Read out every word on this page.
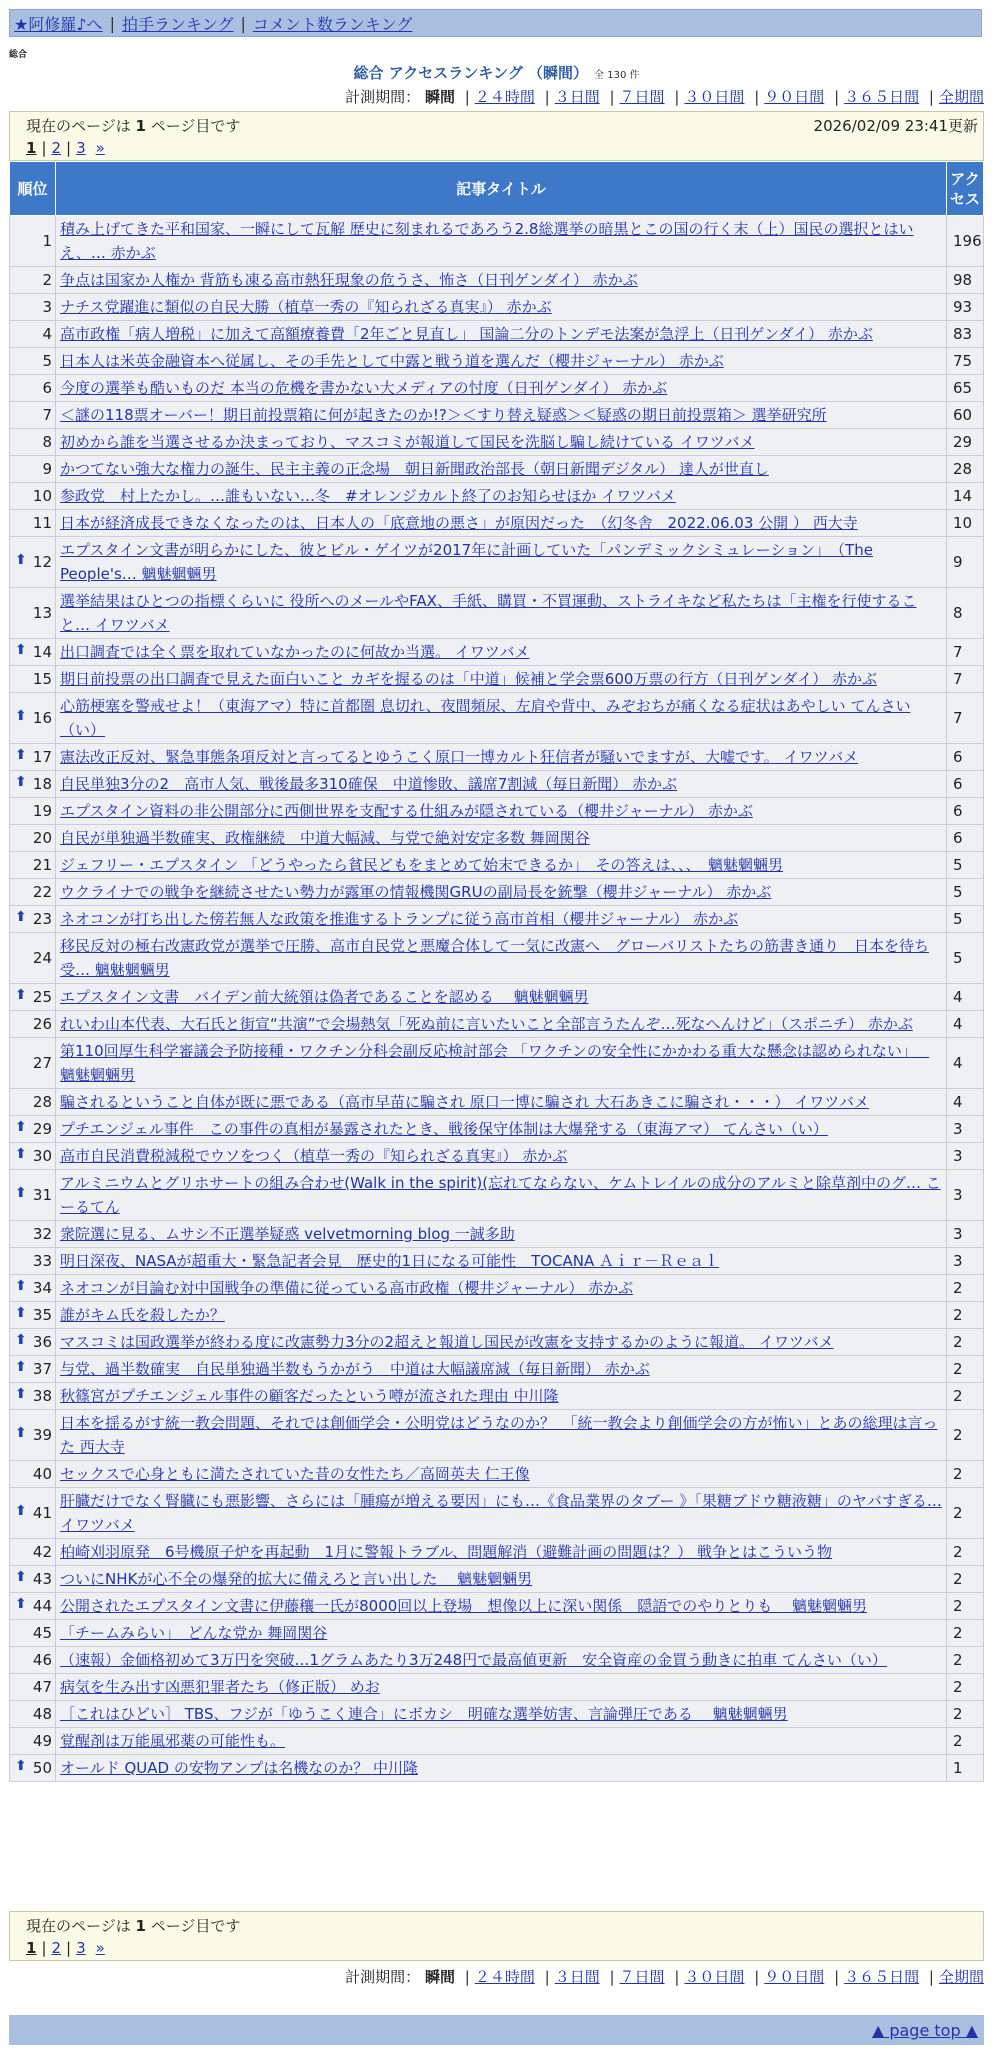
★阿修羅♪へ | 拍手ランキング | コメント数ランキング
総合
総合 アクセスランキング （瞬間） 全 130 件
計測期間： 瞬間 | ２４時間 | ３日間 | ７日間 | ３０日間 | ９０日間 | ３６５日間 | 全期間
現在のページは 1 ページ目です	2026/02/09 23:41更新
1 | 2 | 3 »
順位	記事タイトル	アクセス
1	積み上げてきた平和国家、一瞬にして瓦解 歴史に刻まれるであろう2.8総選挙の暗黒とこの国の行く末（上）国民の選択とはいえ、… 赤かぶ	196
2	争点は国家か人権か 背筋も凍る高市熱狂現象の危うさ、怖さ（日刊ゲンダイ） 赤かぶ	98
3	ナチス党躍進に類似の自民大勝（植草一秀の『知られざる真実』） 赤かぶ	93
4	高市政権「病人増税」に加えて高額療養費「2年ごと見直し」 国論二分のトンデモ法案が急浮上（日刊ゲンダイ） 赤かぶ	83
5	日本人は米英金融資本へ従属し、その手先として中露と戦う道を選んだ（櫻井ジャーナル） 赤かぶ	75
6	今度の選挙も酷いものだ 本当の危機を書かない大メディアの忖度（日刊ゲンダイ） 赤かぶ	65
7	＜謎の118票オーバー！期日前投票箱に何が起きたのか!?＞＜すり替え疑惑＞＜疑惑の期日前投票箱＞ 選挙研究所	60
8	初めから誰を当選させるか決まっており、マスコミが報道して国民を洗脳し騙し続けている イワツバメ	29
9	かつてない強大な権力の誕生、民主主義の正念場　朝日新聞政治部長（朝日新聞デジタル） 達人が世直し	28
10	参政党　村上たかし。…誰もいない…冬　#オレンジカルト終了のお知らせほか イワツバメ	14
11	日本が経済成長できなくなったのは、日本人の「底意地の悪さ」が原因だった　（幻冬舎　2022.06.03 公開 ） 西大寺	10

⬆ 12	エプスタイン文書が明らかにした、彼とビル・ゲイツが2017年に計画していた「パンデミックシミュレーション」　（The People's… 魑魅魍魎男	9
13	選挙結果はひとつの指標くらいに 役所へのメールやFAX、手紙、購買・不買運動、ストライキなど私たちは「主権を行使すること… イワツバメ	8

⬆ 14	出口調査では全く票を取れていなかったのに何故か当選。 イワツバメ	7
15	期日前投票の出口調査で見えた面白いこと カギを握るのは「中道」候補と学会票600万票の行方（日刊ゲンダイ） 赤かぶ	7

⬆ 16	心筋梗塞を警戒せよ！（東海アマ）特に首都圏 息切れ、夜間頻尿、左肩や背中、みぞおちが痛くなる症状はあやしい てんさい（い）	7

⬆ 17	憲法改正反対、緊急事態条項反対と言ってるとゆうこく原口一博カルト狂信者が騒いでますが、大嘘です。 イワツバメ	6

⬆ 18	自民単独3分の2　高市人気、戦後最多310確保　中道惨敗、議席7割減（毎日新聞） 赤かぶ	6
19	エプスタイン資料の非公開部分に西側世界を支配する仕組みが隠されている（櫻井ジャーナル） 赤かぶ	6
20	自民が単独過半数確実、政権継続　中道大幅減、与党で絶対安定多数 舞岡関谷	6
21	ジェフリー・エプスタイン 「どうやったら貧民どもをまとめて始末できるか」　その答えは、、、　魑魅魍魎男	5
22	ウクライナでの戦争を継続させたい勢力が露軍の情報機関GRUの副局長を銃撃（櫻井ジャーナル） 赤かぶ	5

⬆ 23	ネオコンが打ち出した傍若無人な政策を推進するトランプに従う高市首相（櫻井ジャーナル） 赤かぶ	5
24	移民反対の極右改憲政党が選挙で圧勝、高市自民党と悪魔合体して一気に改憲へ　グローバリストたちの筋書き通り　日本を待ち受… 魑魅魍魎男	5

⬆ 25	エプスタイン文書　バイデン前大統領は偽者であることを認める　 魑魅魍魎男	4
26	れいわ山本代表、大石氏と街宣“共演”で会場熱気「死ぬ前に言いたいこと全部言うたんぞ…死なへんけど」（スポニチ） 赤かぶ	4
27	第110回厚生科学審議会予防接種・ワクチン分科会副反応検討部会 「ワクチンの安全性にかかわる重大な懸念は認められない」　 魑魅魍魎男	4
28	騙されるということ自体が既に悪である（高市早苗に騙され 原口一博に騙され 大石あきこに騙され・・・） イワツバメ	4

⬆ 29	プチエンジェル事件　この事件の真相が暴露されたとき、戦後保守体制は大爆発する（東海アマ） てんさい（い）	3

⬆ 30	高市自民消費税減税でウソをつく（植草一秀の『知られざる真実』） 赤かぶ	3

⬆ 31	アルミニウムとグリホサートの組み合わせ(Walk in the spirit)(忘れてならない、ケムトレイルの成分のアルミと除草剤中のグ… こーるてん	3
32	衆院選に見る、ムサシ不正選挙疑惑 velvetmorning blog 一誠多助	3
33	明日深夜、NASAが超重大・緊急記者会見　歴史的1日になる可能性　TOCANA Ａｉｒ－Ｒｅａｌ	3

⬆ 34	ネオコンが目論む対中国戦争の準備に従っている高市政権（櫻井ジャーナル） 赤かぶ	2

⬆ 35	誰がキム氏を殺したか？	2

⬆ 36	マスコミは国政選挙が終わる度に改憲勢力3分の2超えと報道し国民が改憲を支持するかのように報道。 イワツバメ	2

⬆ 37	与党、過半数確実　自民単独過半数もうかがう　中道は大幅議席減（毎日新聞） 赤かぶ	2

⬆ 38	秋篠宮がプチエンジェル事件の顧客だったという噂が流された理由 中川隆	2

⬆ 39	日本を揺るがす統一教会問題、それでは創価学会・公明党はどうなのか？　「統一教会より創価学会の方が怖い」とあの総理は言った 西大寺	2
40	セックスで心身ともに満たされていた昔の女性たち／高岡英夫 仁王像	2

⬆ 41	肝臓だけでなく腎臓にも悪影響、さらには「腫瘍が増える要因」にも…《食品業界のタブー 》「果糖ブドウ糖液糖」のヤバすぎる… イワツバメ	2
42	柏崎刈羽原発　6号機原子炉を再起動　1月に警報トラブル、問題解消（避難計画の問題は？） 戦争とはこういう物	2

⬆ 43	ついにNHKが心不全の爆発的拡大に備えろと言い出した　 魑魅魍魎男	2

⬆ 44	公開されたエプスタイン文書に伊藤穰一氏が8000回以上登場　想像以上に深い関係　隠語でのやりとりも　 魑魅魍魎男	2
45	「チームみらい」　どんな党か 舞岡関谷	2
46	（速報）金価格初めて3万円を突破…1グラムあたり3万248円で最高値更新　安全資産の金買う動きに拍車 てんさい（い）	2
47	病気を生み出す凶悪犯罪者たち（修正版） めお	2
48	［これはひどい］ TBS、フジが「ゆうこく連合」にボカシ　明確な選挙妨害、言論弾圧である　 魑魅魍魎男	2
49	覚醒剤は万能風邪薬の可能性も。	2

⬆ 50	オールド QUAD の安物アンプは名機なのか？ 中川隆	1
現在のページは 1 ページ目です
1 | 2 | 3 »
計測期間： 瞬間 | ２４時間 | ３日間 | ７日間 | ３０日間 | ９０日間 | ３６５日間 | 全期間
▲ page top ▲
